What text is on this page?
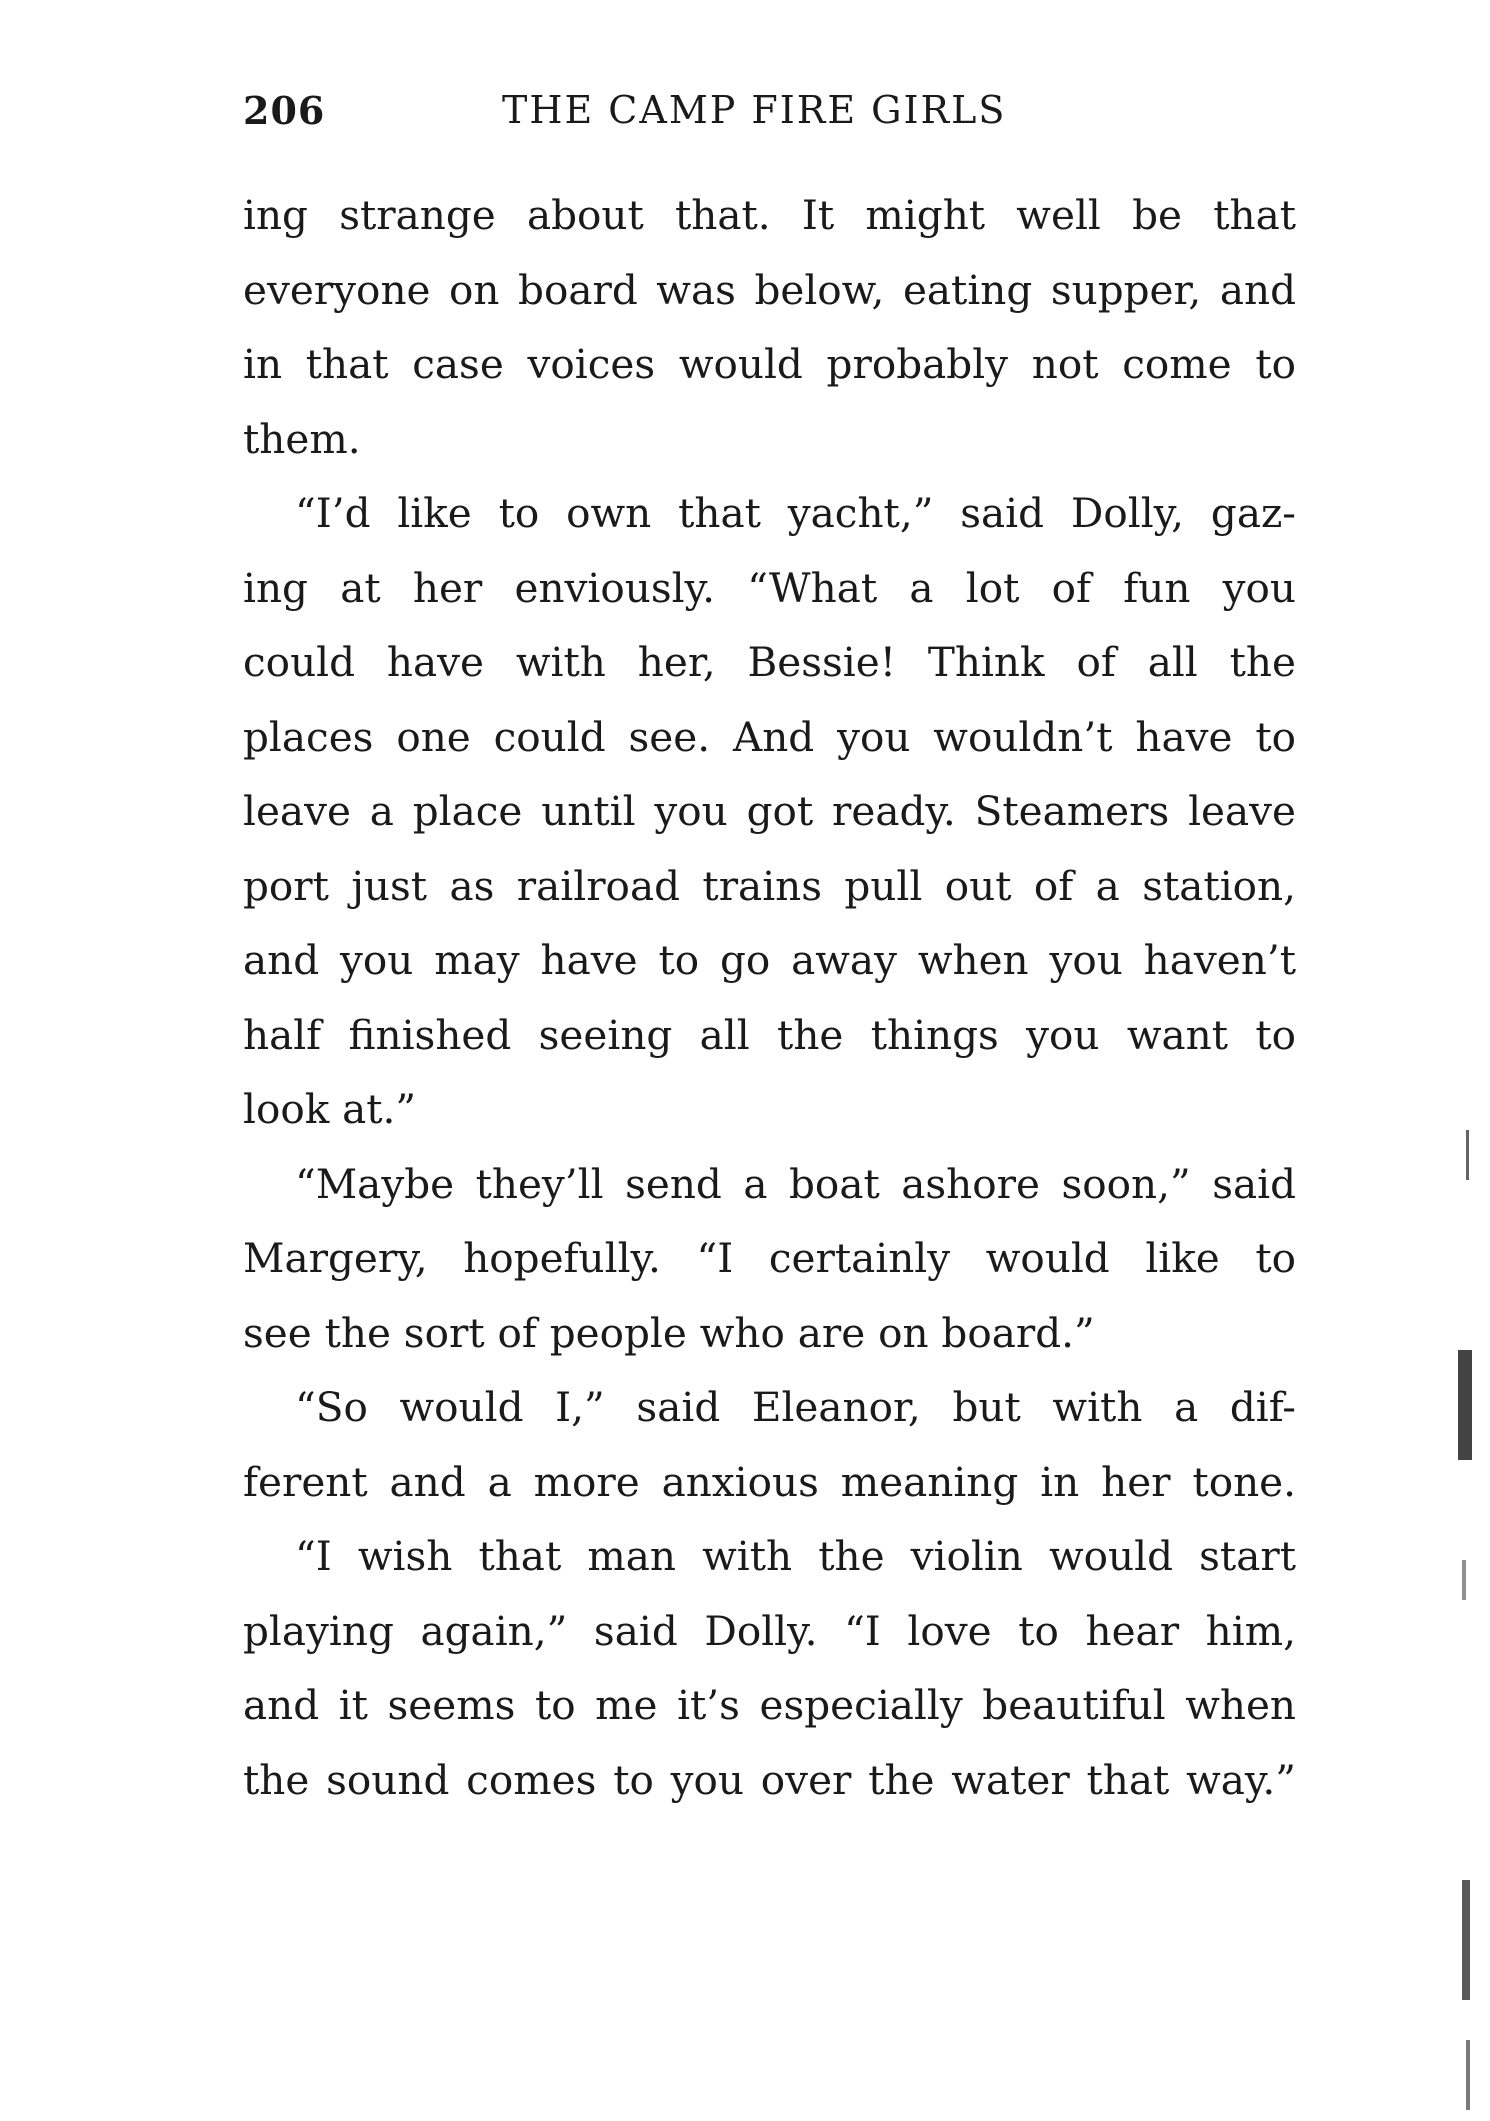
206	THE CAMP FIRE GIRLS
ing strange about that. It might well be that
everyone on board was below, eating supper, and
in that case voices would probably not come to
them.
“I’d like to own that yacht,” said Dolly, gaz-
ing at her enviously. “What a lot of fun you
could have with her, Bessie! Think of all the
places one could see. And you wouldn’t have to
leave a place until you got ready. Steamers leave
port just as railroad trains pull out of a station,
and you may have to go away when you haven’t
half finished seeing all the things you want to
look at.”
“Maybe they’ll send a boat ashore soon,” said
Margery, hopefully. “I certainly would like to
see the sort of people who are on board.”
“So would I,” said Eleanor, but with a dif-
ferent and a more anxious meaning in her tone.
“I wish that man with the violin would start
playing again,” said Dolly. “I love to hear him,
and it seems to me it’s especially beautiful when
the sound comes to you over the water that way.”
